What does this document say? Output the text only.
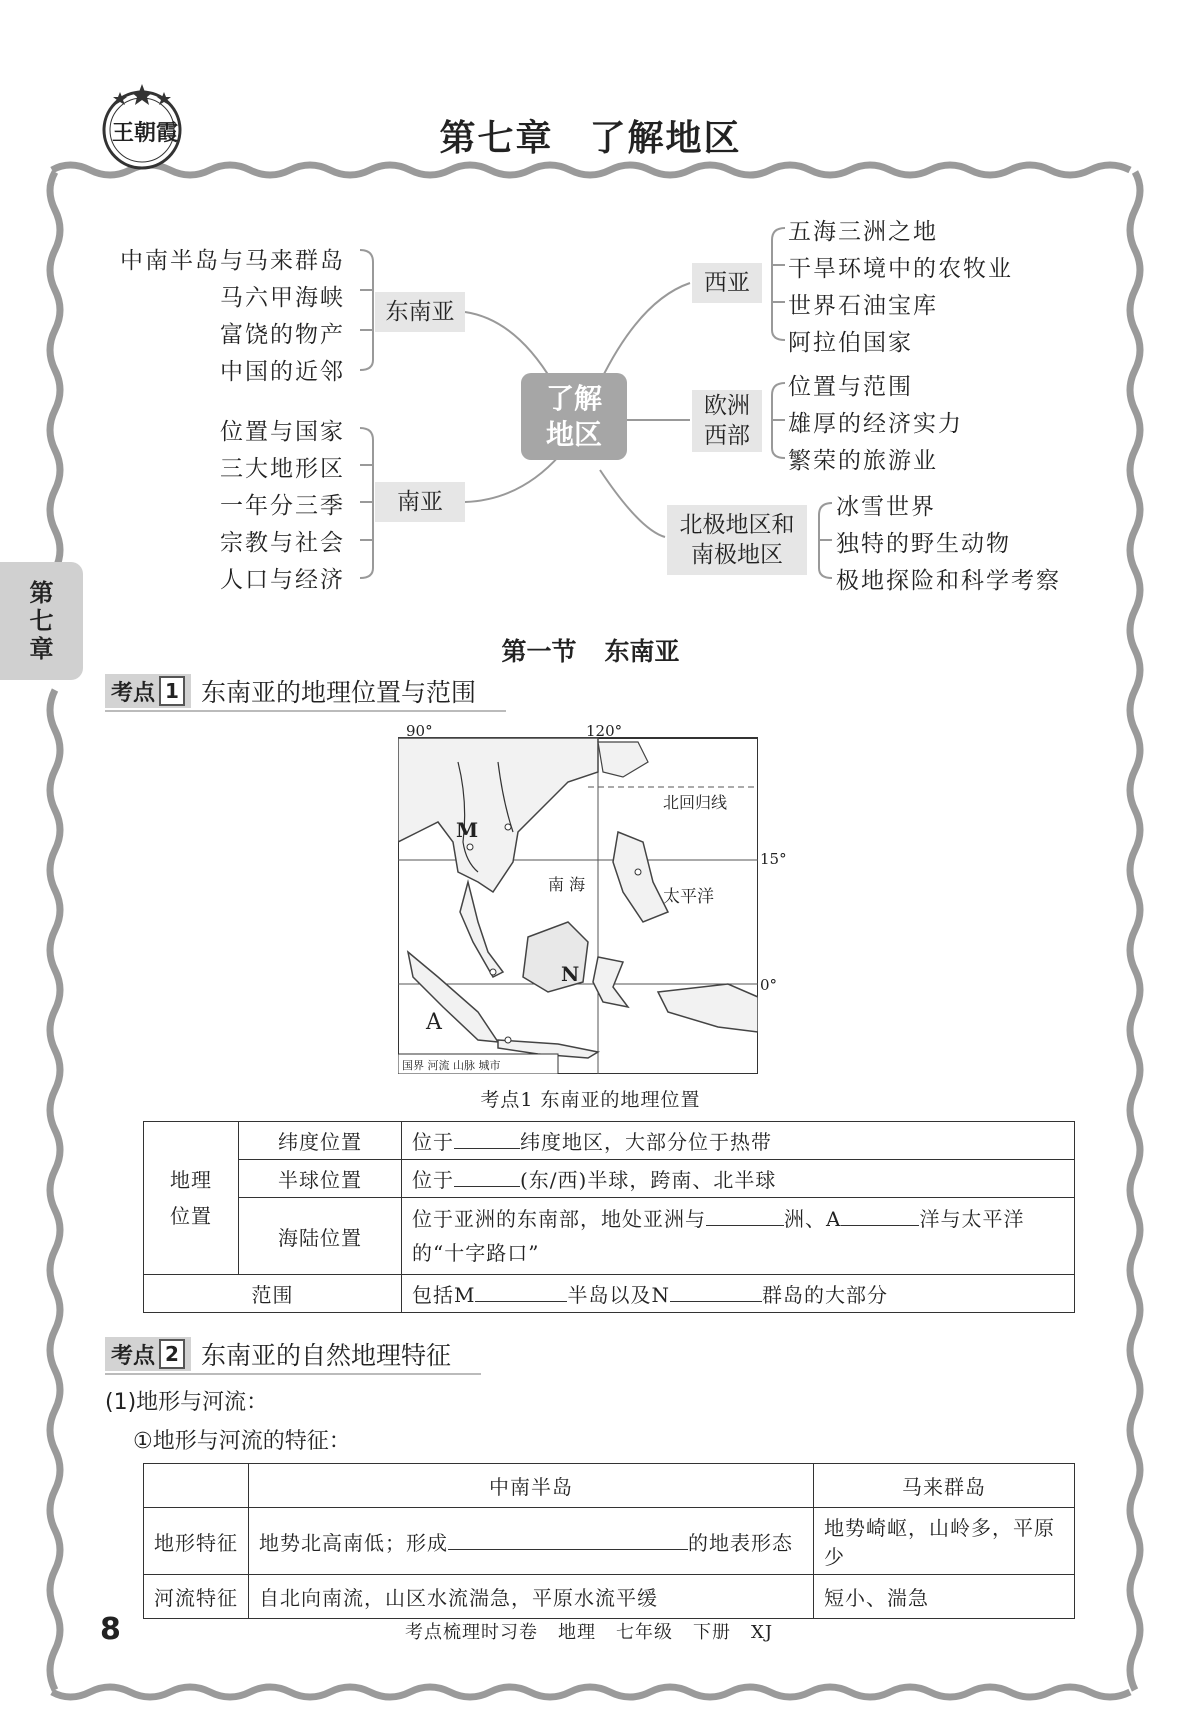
王朝霞	第七章 了解地区
第
七
章
了解
地区
东南亚
中南半岛与马来群岛
马六甲海峡
富饶的物产
中国的近邻
南亚
位置与国家
三大地形区
一年分三季
宗教与社会
人口与经济
西亚
五海三洲之地
干旱环境中的农牧业
世界石油宝库
阿拉伯国家
欧洲
西部
位置与范围
雄厚的经济实力
繁荣的旅游业
北极地区和
南极地区
冰雪世界
独特的野生动物
极地探险和科学考察
第一节 东南亚
考点 1 东南亚的地理位置与范围
90°	120°
15°
0°
北回归线
南 海
太平洋
M
N
A
国界 河流 山脉 城市
考点1 东南亚的地理位置
地理
位置	纬度位置	位于 纬度地区，大部分位于热带
	半球位置	位于 (东/西)半球，跨南、北半球
	海陆位置	位于亚洲的东南部，地处亚洲与 洲、A 洋与太平洋
的“十字路口”
范围		包括M 半岛以及N 群岛的大部分
考点 2 东南亚的自然地理特征
(1)地形与河流：
①地形与河流的特征：
	中南半岛	马来群岛
地形特征	地势北高南低；形成 的地表形态	地势崎岖，山岭多，平原少
河流特征	自北向南流，山区水流湍急，平原水流平缓	短小、湍急
8	考点梳理时习卷 地理 七年级 下册 XJ
